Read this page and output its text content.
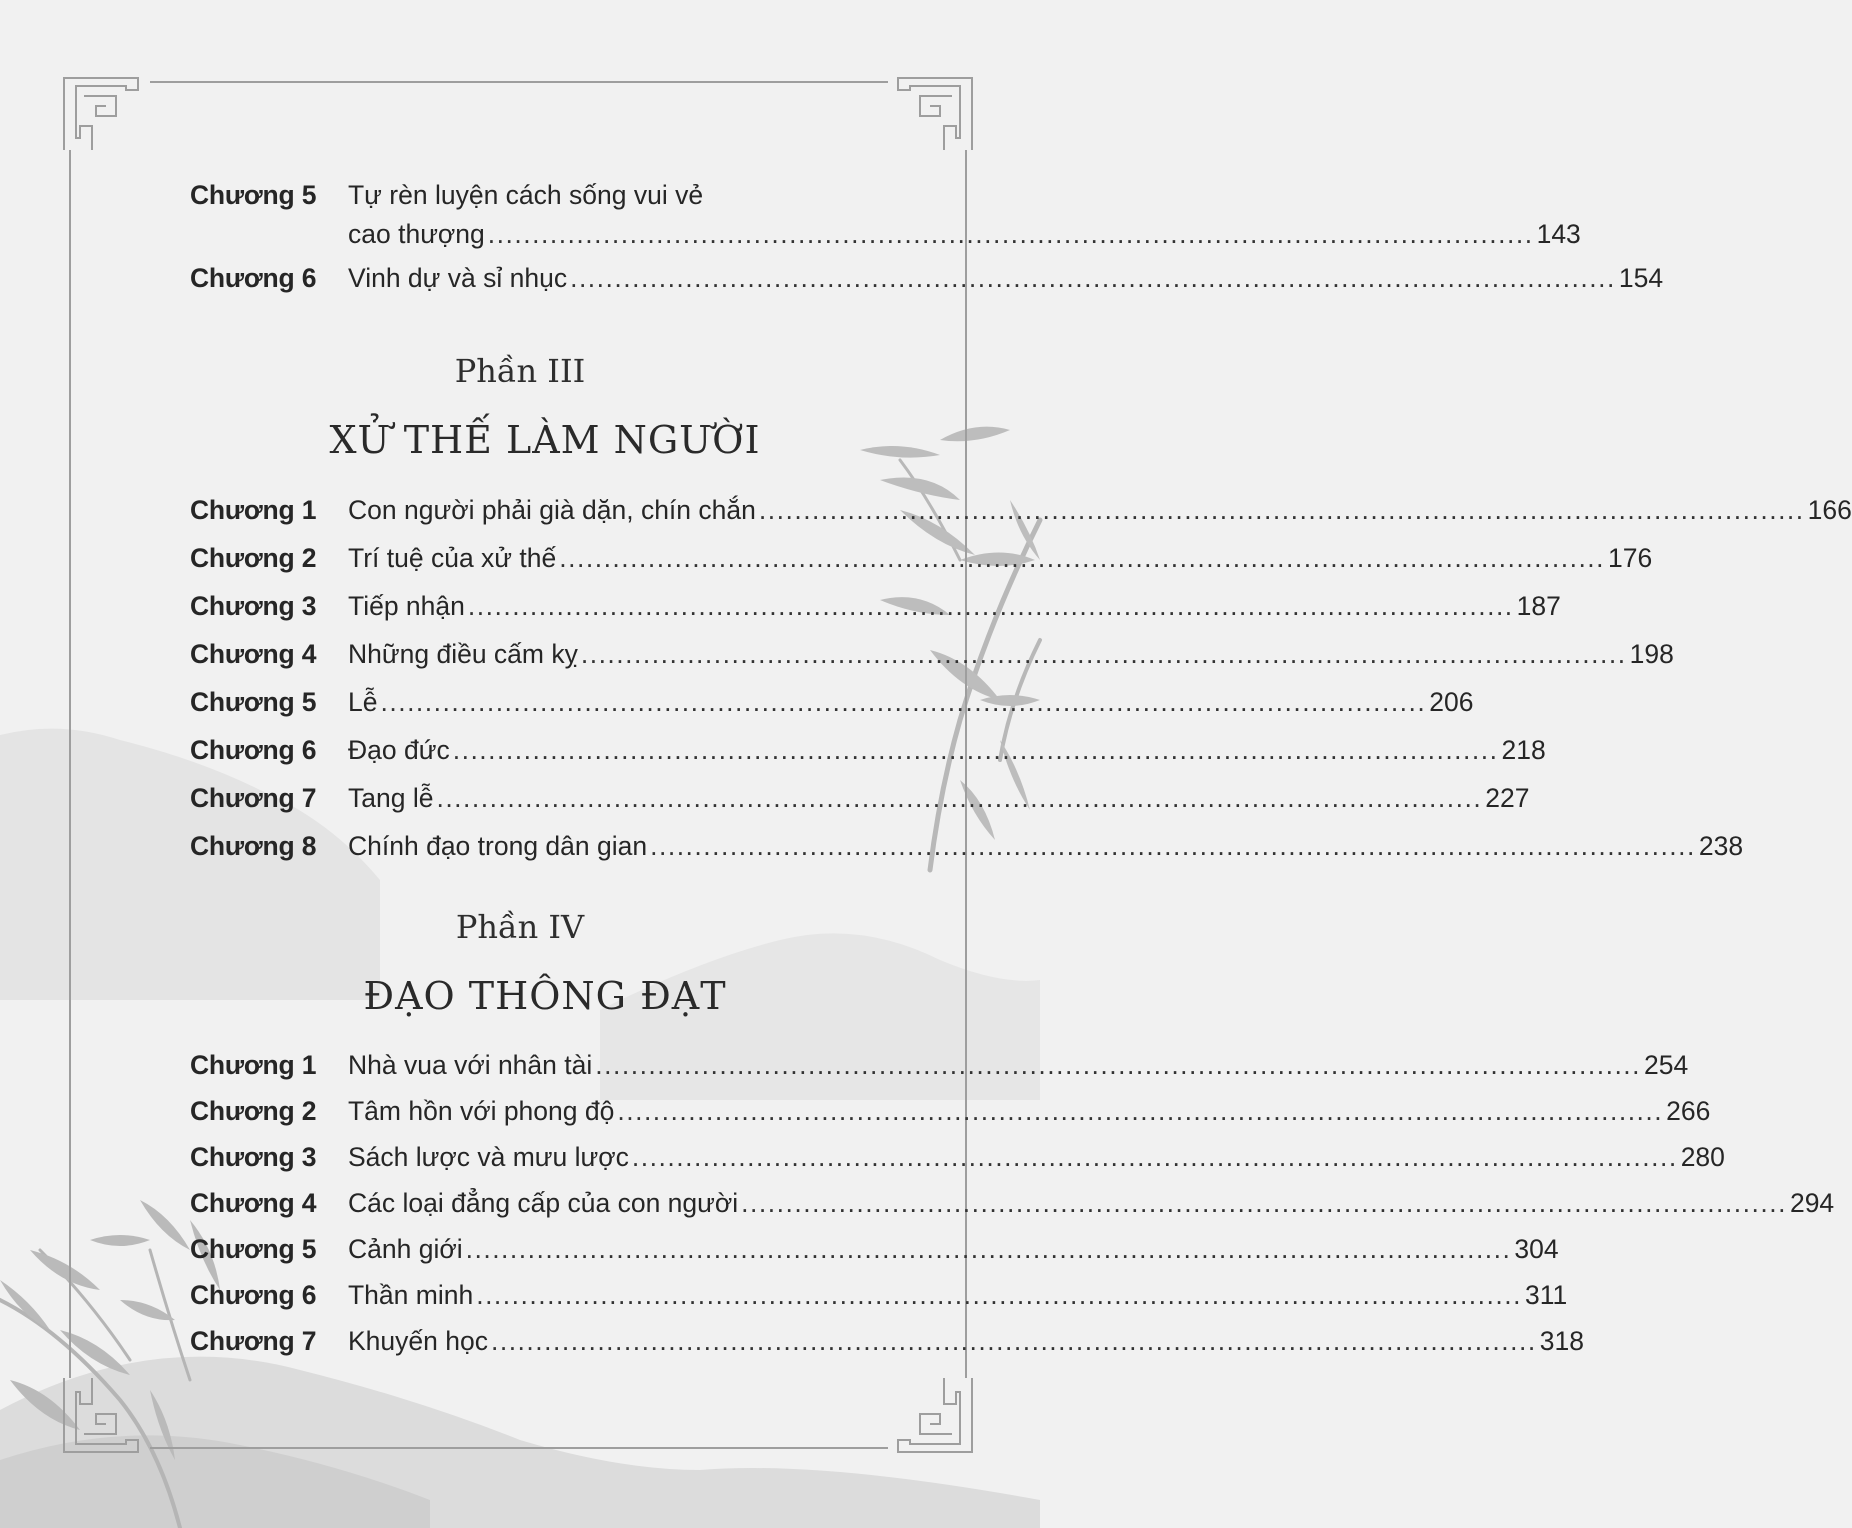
Chương 5	Tự rèn luyện cách sống vui vẻ
cao thượng ...................................................................................................................... 143
Chương 6	Vinh dự và sỉ nhục ...................................................................................................................... 154
Phần III
XỬ THẾ LÀM NGƯỜI
Chương 1	Con người phải già dặn, chín chắn ...................................................................................................................... 166
Chương 2	Trí tuệ của xử thế ...................................................................................................................... 176
Chương 3	Tiếp nhận ...................................................................................................................... 187
Chương 4	Những điều cấm kỵ ...................................................................................................................... 198
Chương 5	Lễ ...................................................................................................................... 206
Chương 6	Đạo đức ...................................................................................................................... 218
Chương 7	Tang lễ ...................................................................................................................... 227
Chương 8	Chính đạo trong dân gian ...................................................................................................................... 238
Phần IV
ĐẠO THÔNG ĐẠT
Chương 1	Nhà vua với nhân tài ...................................................................................................................... 254
Chương 2	Tâm hồn với phong độ ...................................................................................................................... 266
Chương 3	Sách lược và mưu lược ...................................................................................................................... 280
Chương 4	Các loại đẳng cấp của con người ...................................................................................................................... 294
Chương 5	Cảnh giới ...................................................................................................................... 304
Chương 6	Thần minh ...................................................................................................................... 311
Chương 7	Khuyến học ...................................................................................................................... 318
